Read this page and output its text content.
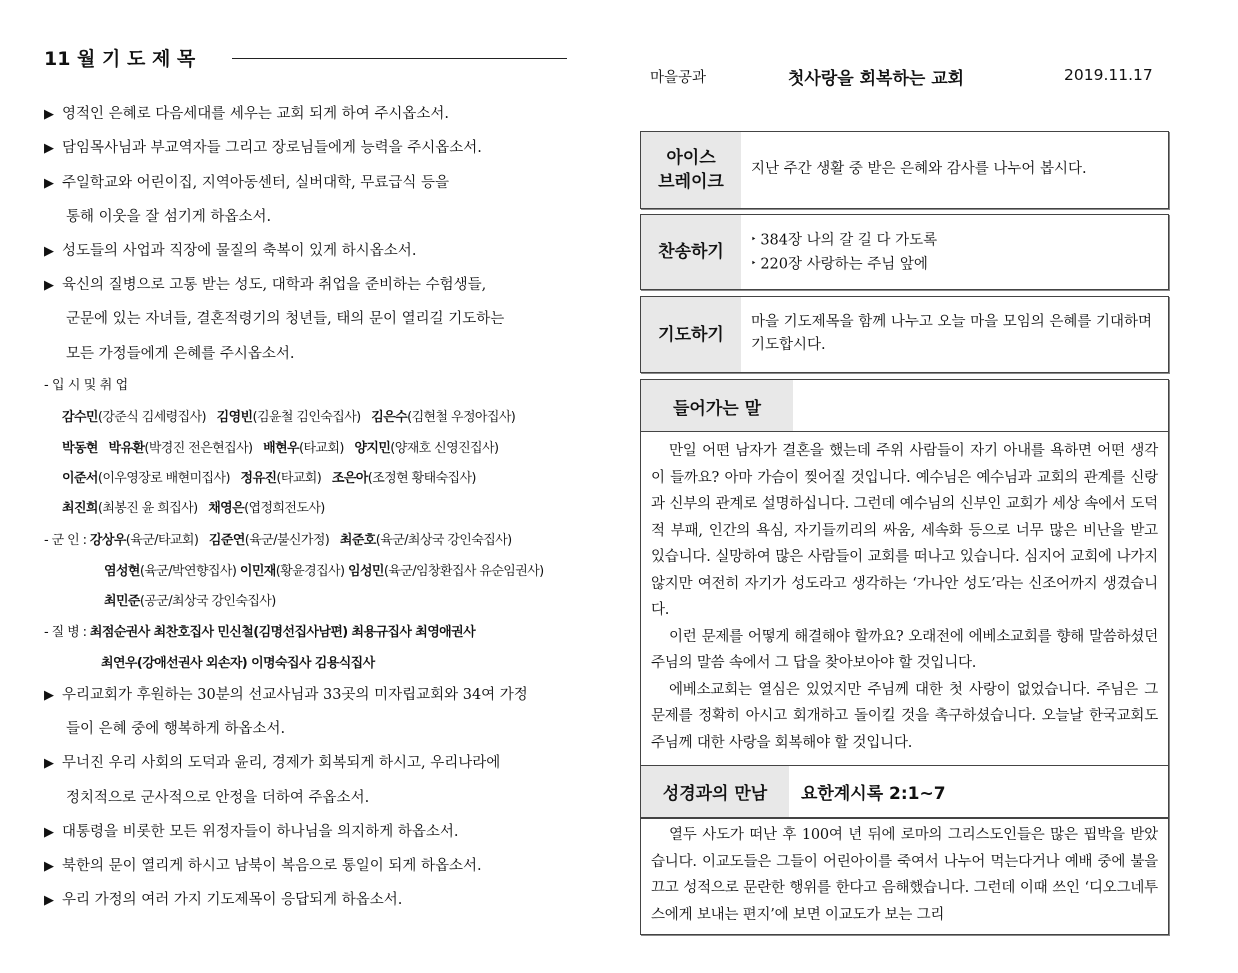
11 월 기 도 제 목
▶ 영적인 은혜로 다음세대를 세우는 교회 되게 하여 주시옵소서.
▶ 담임목사님과 부교역자들 그리고 장로님들에게 능력을 주시옵소서.
▶ 주일학교와 어린이집, 지역아동센터, 실버대학, 무료급식 등을
통해 이웃을 잘 섬기게 하옵소서.
▶ 성도들의 사업과 직장에 물질의 축복이 있게 하시옵소서.
▶ 육신의 질병으로 고통 받는 성도, 대학과 취업을 준비하는 수험생들,
군문에 있는 자녀들, 결혼적령기의 청년들, 태의 문이 열리길 기도하는
모든 가정들에게 은혜를 주시옵소서.
- 입 시 및 취 업
감수민(강준식 김세령집사) 김영빈(김윤철 김인숙집사) 김은수(김현철 우정아집사)
박동현 박유환(박경진 전은현집사) 배현우(타교회) 양지민(양재호 신영진집사)
이준서(이우영장로 배현미집사) 정유진(타교회) 조은아(조정현 황태숙집사)
최진희(최봉진 윤 희집사) 채영은(엽정희전도사)
- 군 인 : 강상우(육군/타교회) 김준연(육군/불신가정) 최준호(육군/최상국 강인숙집사)
염성현(육군/박연향집사) 이민재(황윤경집사) 임성민(육군/임창환집사 유순임권사)
최민준(공군/최상국 강인숙집사)
- 질 병 : 최점순권사 최찬호집사 민신철(김명선집사남편) 최용규집사 최영애권사
최연우(강애선권사 외손자) 이명숙집사 김용식집사
▶ 우리교회가 후원하는 30분의 선교사님과 33곳의 미자립교회와 34여 가정
들이 은혜 중에 행복하게 하옵소서.
▶ 무너진 우리 사회의 도덕과 윤리, 경제가 회복되게 하시고, 우리나라에
정치적으로 군사적으로 안정을 더하여 주옵소서.
▶ 대통령을 비롯한 모든 위정자들이 하나님을 의지하게 하옵소서.
▶ 북한의 문이 열리게 하시고 남북이 복음으로 통일이 되게 하옵소서.
▶ 우리 가정의 여러 가지 기도제목이 응답되게 하옵소서.
마을공과	첫사랑을 회복하는 교회	2019.11.17
아이스
브레이크
지난 주간 생활 중 받은 은혜와 감사를 나누어 봅시다.
찬송하기
‣ 384장 나의 갈 길 다 가도록
‣ 220장 사랑하는 주님 앞에
기도하기
마을 기도제목을 함께 나누고 오늘 마을 모임의 은혜를 기대하며 기도합시다.
들어가는 말

만일 어떤 남자가 결혼을 했는데 주위 사람들이 자기 아내를 욕하면 어떤 생각이 들까요? 아마 가슴이 찢어질 것입니다. 예수님은 예수님과 교회의 관계를 신랑과 신부의 관계로 설명하십니다. 그런데 예수님의 신부인 교회가 세상 속에서 도덕적 부패, 인간의 욕심, 자기들끼리의 싸움, 세속화 등으로 너무 많은 비난을 받고 있습니다. 실망하여 많은 사람들이 교회를 떠나고 있습니다. 심지어 교회에 나가지 않지만 여전히 자기가 성도라고 생각하는 ‘가나안 성도’라는 신조어까지 생겼습니다.

이런 문제를 어떻게 해결해야 할까요? 오래전에 에베소교회를 향해 말씀하셨던 주님의 말씀 속에서 그 답을 찾아보아야 할 것입니다.

에베소교회는 열심은 있었지만 주님께 대한 첫 사랑이 없었습니다. 주님은 그 문제를 정확히 아시고 회개하고 돌이킬 것을 촉구하셨습니다. 오늘날 한국교회도 주님께 대한 사랑을 회복해야 할 것입니다.

성경과의 만남	요한계시록 2:1~7

열두 사도가 떠난 후 100여 년 뒤에 로마의 그리스도인들은 많은 핍박을 받았습니다. 이교도들은 그들이 어린아이를 죽여서 나누어 먹는다거나 예배 중에 불을 끄고 성적으로 문란한 행위를 한다고 음해했습니다. 그런데 이때 쓰인 ‘디오그네투스에게 보내는 편지’에 보면 이교도가 보는 그리
